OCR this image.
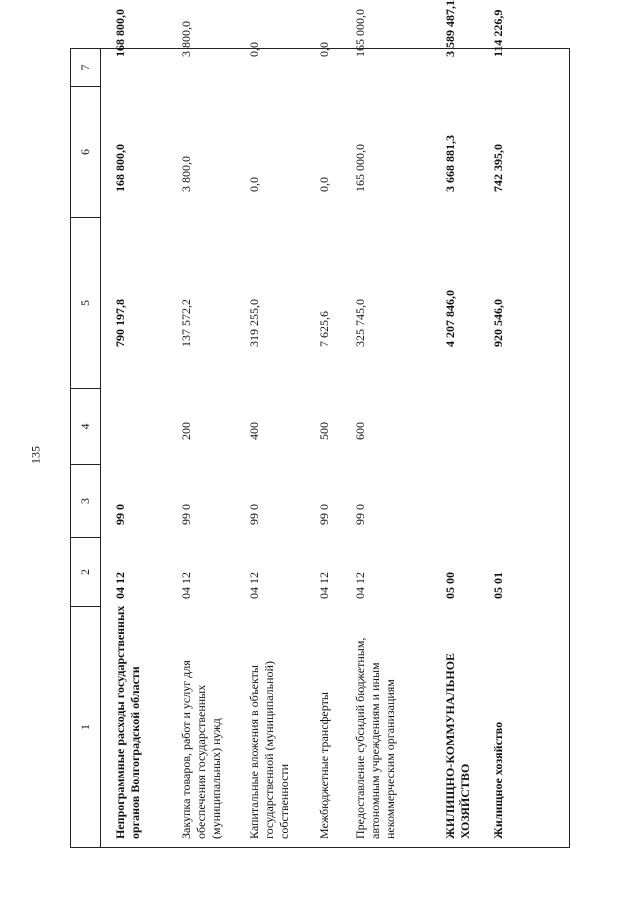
135
1
2
3
4
5
6
7
Непрограммные расходы государственных органов Волгоградской области
04 12
99 0
790 197,8
168 800,0
168 800,0
Закупка товаров, работ и услуг для обеспечения государственных (муниципальных) нужд
04 12
99 0
200
137 572,2
3 800,0
3 800,0
Капитальные вложения в объекты государственной (муниципальной) собственности
04 12
99 0
400
319 255,0
0,0
0,0
Межбюджетные трансферты
04 12
99 0
500
7 625,6
0,0
0,0
Предоставление субсидий бюджетным, автономным учреждениям и иным некоммерческим организациям
04 12
99 0
600
325 745,0
165 000,0
165 000,0
ЖИЛИЩНО-КОММУНАЛЬНОЕ ХОЗЯЙСТВО
05 00
4 207 846,0
3 668 881,3
3 589 487,1
Жилищное хозяйство
05 01
920 546,0
742 395,0
114 226,9
